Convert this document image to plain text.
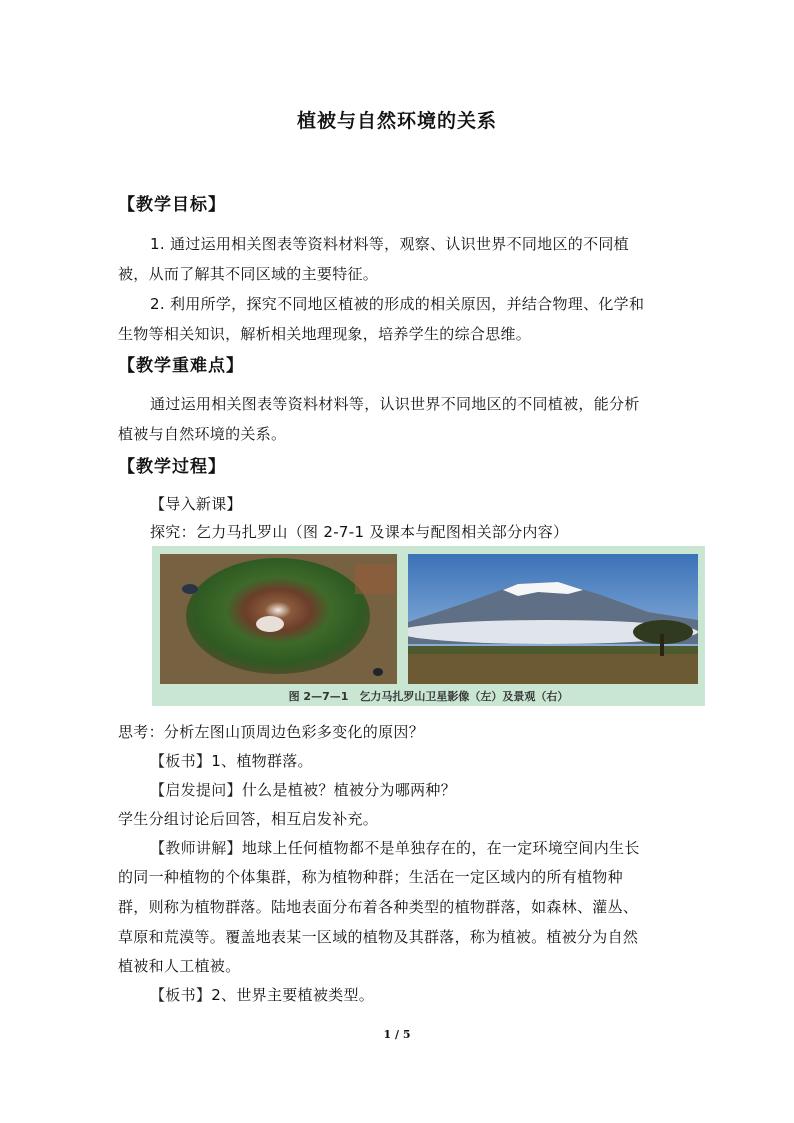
植被与自然环境的关系
【教学目标】
1. 通过运用相关图表等资料材料等，观察、认识世界不同地区的不同植
被，从而了解其不同区域的主要特征。
2. 利用所学，探究不同地区植被的形成的相关原因，并结合物理、化学和
生物等相关知识，解析相关地理现象，培养学生的综合思维。
【教学重难点】
通过运用相关图表等资料材料等，认识世界不同地区的不同植被，能分析
植被与自然环境的关系。
【教学过程】
【导入新课】
探究：乞力马扎罗山（图 2-7-1 及课本与配图相关部分内容）
图 2—7—1　乞力马扎罗山卫星影像（左）及景观（右）
思考：分析左图山顶周边色彩多变化的原因？
【板书】1、植物群落。
【启发提问】什么是植被？植被分为哪两种？
学生分组讨论后回答，相互启发补充。
【教师讲解】地球上任何植物都不是单独存在的，在一定环境空间内生长
的同一种植物的个体集群，称为植物种群；生活在一定区域内的所有植物种
群，则称为植物群落。陆地表面分布着各种类型的植物群落，如森林、灌丛、
草原和荒漠等。覆盖地表某一区域的植物及其群落，称为植被。植被分为自然
植被和人工植被。
【板书】2、世界主要植被类型。
1 / 5
